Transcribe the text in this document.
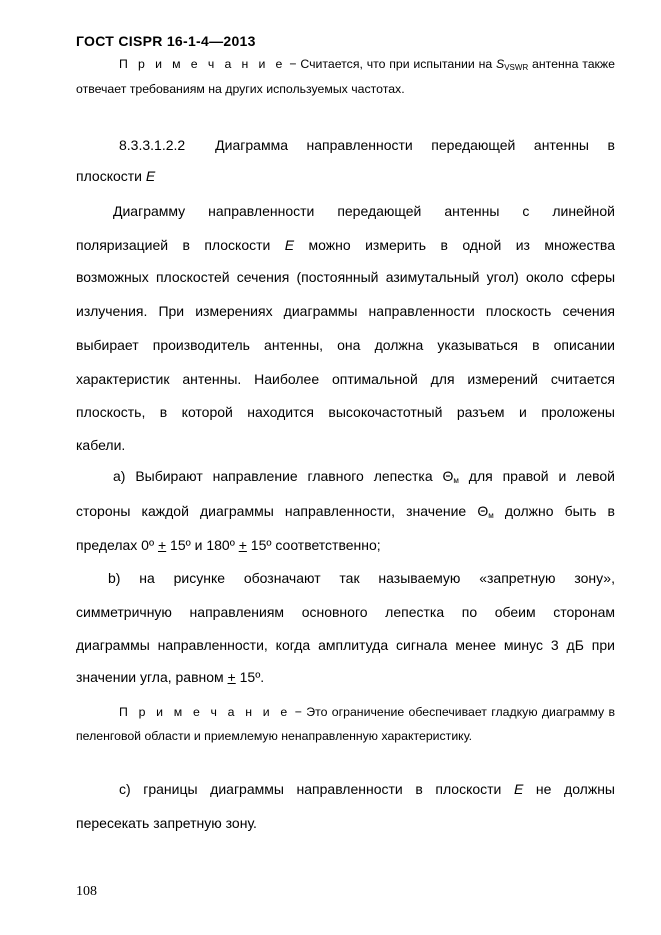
ГОСТ CISPR 16-1-4—2013
П р и м е ч а н и е − Считается, что при испытании на $S_{VSWR}$ антенна также
отвечает требованиям на других используемых частотах.
8.3.3.1.2.2 Диаграмма направленности передающей антенны в
плоскости E
Диаграмму направленности передающей антенны с линейной
поляризацией в плоскости E можно измерить в одной из множества
возможных плоскостей сечения (постоянный азимутальный угол) около сферы
излучения. При измерениях диаграммы направленности плоскость сечения
выбирает производитель антенны, она должна указываться в описании
характеристик антенны. Наиболее оптимальной для измерений считается
плоскость, в которой находится высокочастотный разъем и проложены
кабели.
а) Выбирают направление главного лепестка $\Theta_м$ для правой и левой
стороны каждой диаграммы направленности, значение $\Theta_м$ должно быть в
пределах 0º + 15º и 180º + 15º соответственно;
b) на рисунке обозначают так называемую «запретную зону»,
симметричную направлениям основного лепестка по обеим сторонам
диаграммы направленности, когда амплитуда сигнала менее минус 3 дБ при
значении угла, равном + 15º.
П р и м е ч а н и е − Это ограничение обеспечивает гладкую диаграмму в
пеленговой области и приемлемую ненаправленную характеристику.
с) границы диаграммы направленности в плоскости E не должны
пересекать запретную зону.
108
